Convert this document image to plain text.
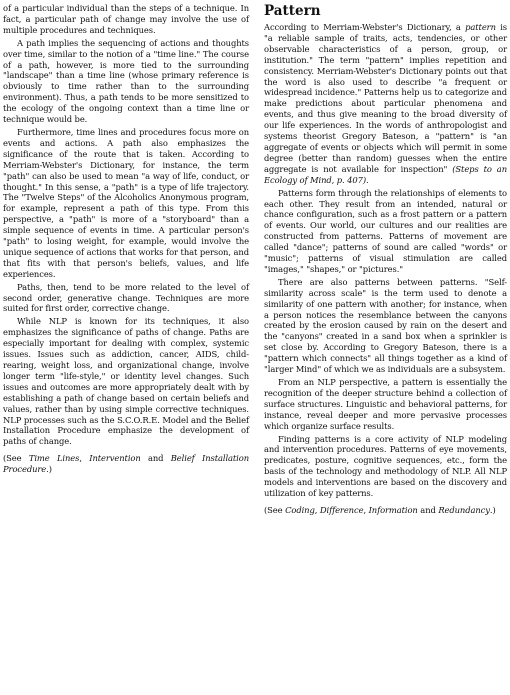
of a particular individual than the steps of a technique. In fact, a particular path of change may involve the use of multiple procedures and techniques.

A path implies the sequencing of actions and thoughts over time, similar to the notion of a "time line." The course of a path, however, is more tied to the surrounding "landscape" than a time line (whose primary reference is obviously to time rather than to the surrounding environment). Thus, a path tends to be more sensitized to the ecology of the ongoing context than a time line or technique would be.

Furthermore, time lines and procedures focus more on events and actions. A path also emphasizes the significance of the route that is taken. According to Merriam-Webster's Dictionary, for instance, the term "path" can also be used to mean "a way of life, conduct, or thought." In this sense, a "path" is a type of life trajectory. The "Twelve Steps" of the Alcoholics Anonymous program, for example, represent a path of this type. From this perspective, a "path" is more of a "storyboard" than a simple sequence of events in time. A particular person's "path" to losing weight, for example, would involve the unique sequence of actions that works for that person, and that fits with that person's beliefs, values, and life experiences.

Paths, then, tend to be more related to the level of second order, generative change. Techniques are more suited for first order, corrective change.

While NLP is known for its techniques, it also emphasizes the significance of paths of change. Paths are especially important for dealing with complex, systemic issues. Issues such as addiction, cancer, AIDS, child-rearing, weight loss, and organizational change, involve longer term "life-style," or identity level changes. Such issues and outcomes are more appropriately dealt with by establishing a path of change based on certain beliefs and values, rather than by using simple corrective techniques. NLP processes such as the S.C.O.R.E. Model and the Belief Installation Procedure emphasize the development of paths of change.

(See Time Lines, Intervention and Belief Installation Procedure.)

Pattern

According to Merriam-Webster's Dictionary, a pattern is "a reliable sample of traits, acts, tendencies, or other observable characteristics of a person, group, or institution." The term "pattern" implies repetition and consistency. Merriam-Webster's Dictionary points out that the word is also used to describe "a frequent or widespread incidence." Patterns help us to categorize and make predictions about particular phenomena and events, and thus give meaning to the broad diversity of our life experiences. In the words of anthropologist and systems theorist Gregory Bateson, a "pattern" is "an aggregate of events or objects which will permit in some degree (better than random) guesses when the entire aggregate is not available for inspection" (Steps to an Ecology of Mind, p. 407).

Patterns form through the relationships of elements to each other. They result from an intended, natural or chance configuration, such as a frost pattern or a pattern of events. Our world, our cultures and our realities are constructed from patterns. Patterns of movement are called "dance"; patterns of sound are called "words" or "music"; patterns of visual stimulation are called "images," "shapes," or "pictures."

There are also patterns between patterns. "Self-similarity across scale" is the term used to denote a similarity of one pattern with another; for instance, when a person notices the resemblance between the canyons created by the erosion caused by rain on the desert and the "canyons" created in a sand box when a sprinkler is set close by. According to Gregory Bateson, there is a "pattern which connects" all things together as a kind of "larger Mind" of which we as individuals are a subsystem.

From an NLP perspective, a pattern is essentially the recognition of the deeper structure behind a collection of surface structures. Linguistic and behavioral patterns, for instance, reveal deeper and more pervasive processes which organize surface results.

Finding patterns is a core activity of NLP modeling and intervention procedures. Patterns of eye movements, predicates, posture, cognitive sequences, etc., form the basis of the technology and methodology of NLP. All NLP models and interventions are based on the discovery and utilization of key patterns.

(See Coding, Difference, Information and Redundancy.)
